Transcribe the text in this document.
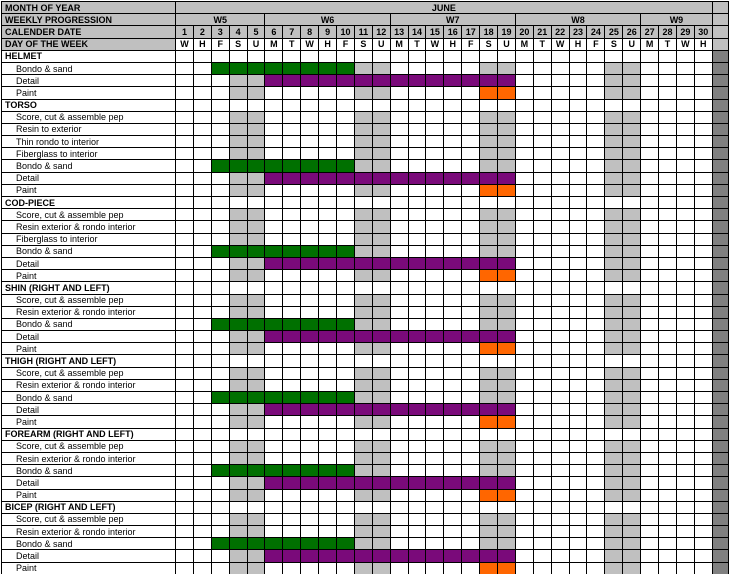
MONTH OF YEAR	JUNE																														
WEEKLY PROGRESSION	W5					W6							W7							W8							W9				
CALENDER DATE	1	2	3	4	5	6	7	8	9	10	11	12	13	14	15	16	17	18	19	20	21	22	23	24	25	26	27	28	29	30	
DAY OF THE WEEK	W	H	F	S	U	M	T	W	H	F	S	U	M	T	W	H	F	S	U	M	T	W	H	F	S	U	M	T	W	H	
HELMET																															
Bondo & sand																															
Detail																															
Paint																															
TORSO																															
Score, cut & assemble pep																															
Resin to exterior																															
Thin rondo to interior																															
Fiberglass to interior																															
Bondo & sand																															
Detail																															
Paint																															
COD-PIECE																															
Score, cut & assemble pep																															
Resin exterior & rondo interior																															
Fiberglass to interior																															
Bondo & sand																															
Detail																															
Paint																															
SHIN (RIGHT AND LEFT)																															
Score, cut & assemble pep																															
Resin exterior & rondo interior																															
Bondo & sand																															
Detail																															
Paint																															
THIGH (RIGHT AND LEFT)																															
Score, cut & assemble pep																															
Resin exterior & rondo interior																															
Bondo & sand																															
Detail																															
Paint																															
FOREARM (RIGHT AND LEFT)																															
Score, cut & assemble pep																															
Resin exterior & rondo interior																															
Bondo & sand																															
Detail																															
Paint																															
BICEP (RIGHT AND LEFT)																															
Score, cut & assemble pep																															
Resin exterior & rondo interior																															
Bondo & sand																															
Detail																															
Paint																															
